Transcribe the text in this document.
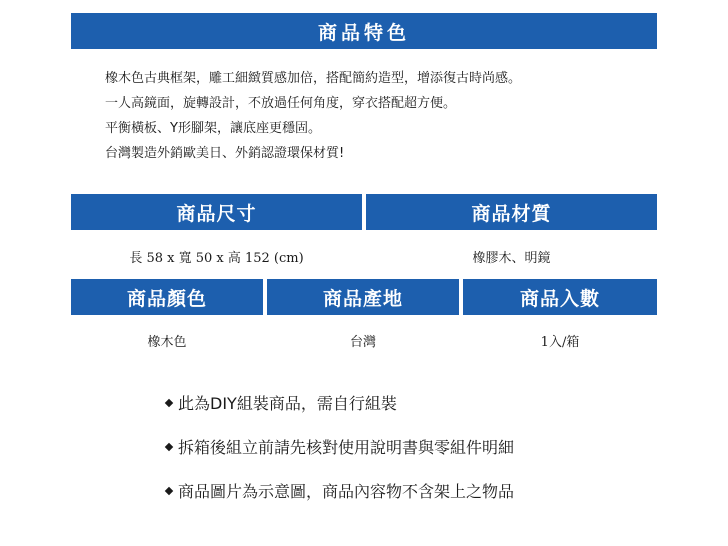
商品特色
橡木色古典框架，雕工細緻質感加倍，搭配簡約造型，增添復古時尚感。
一人高鏡面，旋轉設計，不放過任何角度，穿衣搭配超方便。
平衡橫板、Y形腳架，讓底座更穩固。
台灣製造外銷歐美日、外銷認證環保材質!
商品尺寸	商品材質
長 58 x 寬 50 x 高 152 (cm)	橡膠木、明鏡
商品顏色	商品產地	商品入數
橡木色	台灣	1入/箱
此為DIY組裝商品，需自行組裝
拆箱後組立前請先核對使用說明書與零組件明細
商品圖片為示意圖，商品內容物不含架上之物品
